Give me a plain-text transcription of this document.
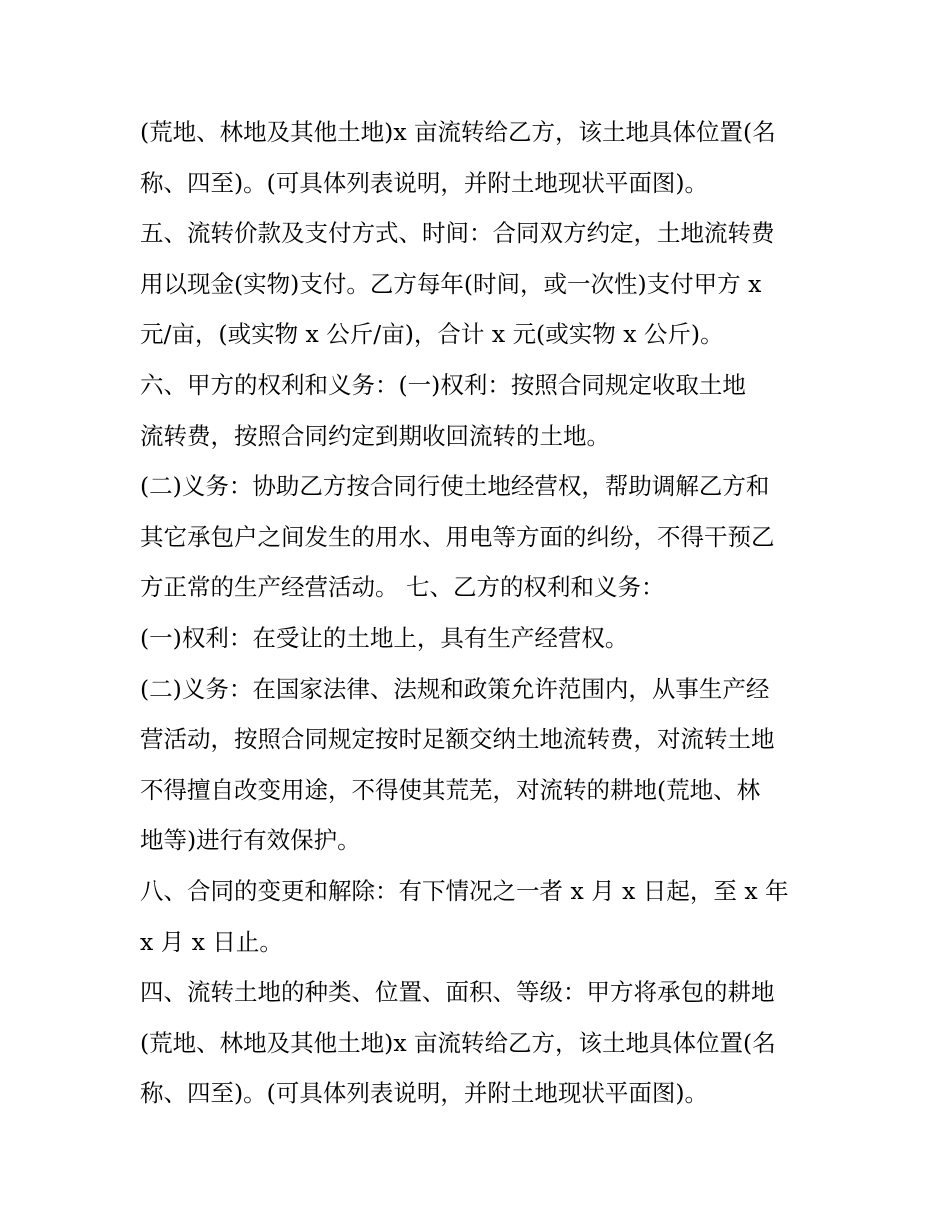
(荒地、林地及其他土地)x 亩流转给乙方，该土地具体位置(名

称、四至)。(可具体列表说明，并附土地现状平面图)。

五、流转价款及支付方式、时间：合同双方约定，土地流转费

用以现金(实物)支付。乙方每年(时间，或一次性)支付甲方 x

元/亩，(或实物 x 公斤/亩)，合计 x 元(或实物 x 公斤)。

六、甲方的权利和义务：(一)权利：按照合同规定收取土地

流转费，按照合同约定到期收回流转的土地。

(二)义务：协助乙方按合同行使土地经营权，帮助调解乙方和

其它承包户之间发生的用水、用电等方面的纠纷，不得干预乙

方正常的生产经营活动。 七、乙方的权利和义务：

(一)权利：在受让的土地上，具有生产经营权。

(二)义务：在国家法律、法规和政策允许范围内，从事生产经

营活动，按照合同规定按时足额交纳土地流转费，对流转土地

不得擅自改变用途，不得使其荒芜，对流转的耕地(荒地、林

地等)进行有效保护。

八、合同的变更和解除：有下情况之一者 x 月 x 日起，至 x 年

x 月 x 日止。

四、流转土地的种类、位置、面积、等级：甲方将承包的耕地

(荒地、林地及其他土地)x 亩流转给乙方，该土地具体位置(名

称、四至)。(可具体列表说明，并附土地现状平面图)。
